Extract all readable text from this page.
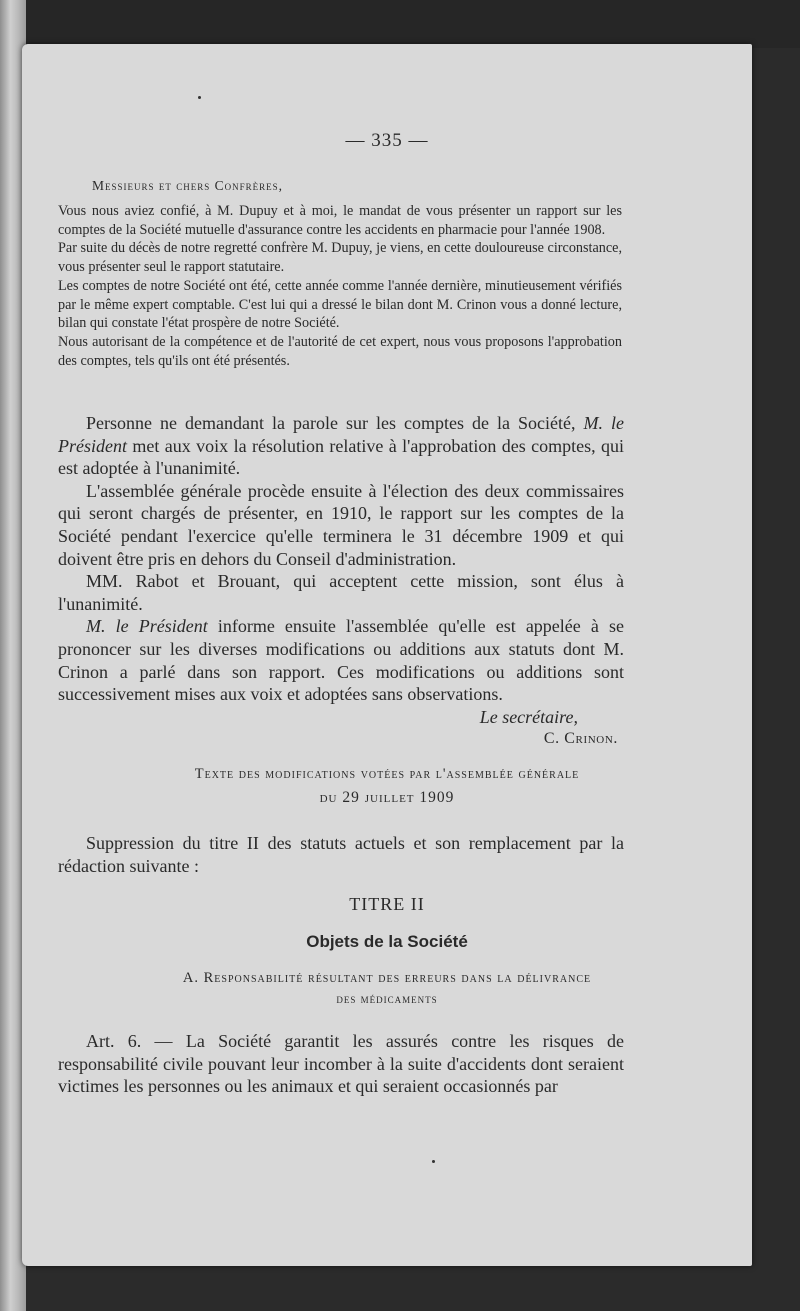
— 335 —
Messieurs et chers Confrères,

Vous nous aviez confié, à M. Dupuy et à moi, le mandat de vous présenter un rapport sur les comptes de la Société mutuelle d'assurance contre les accidents en pharmacie pour l'année 1908.

Par suite du décès de notre regretté confrère M. Dupuy, je viens, en cette douloureuse circonstance, vous présenter seul le rapport statutaire.

Les comptes de notre Société ont été, cette année comme l'année dernière, minutieusement vérifiés par le même expert comptable. C'est lui qui a dressé le bilan dont M. Crinon vous a donné lecture, bilan qui constate l'état prospère de notre Société.

Nous autorisant de la compétence et de l'autorité de cet expert, nous vous proposons l'approbation des comptes, tels qu'ils ont été présentés.

Personne ne demandant la parole sur les comptes de la Société, M. le Président met aux voix la résolution relative à l'approbation des comptes, qui est adoptée à l'unanimité.

L'assemblée générale procède ensuite à l'élection des deux commissaires qui seront chargés de présenter, en 1910, le rapport sur les comptes de la Société pendant l'exercice qu'elle terminera le 31 décembre 1909 et qui doivent être pris en dehors du Conseil d'administration.

MM. Rabot et Brouant, qui acceptent cette mission, sont élus à l'unanimité.

M. le Président informe ensuite l'assemblée qu'elle est appelée à se prononcer sur les diverses modifications ou additions aux statuts dont M. Crinon a parlé dans son rapport. Ces modifications ou additions sont successivement mises aux voix et adoptées sans observations.

Le secrétaire,
C. Crinon.
Texte des modifications votées par l'assemblée générale
du 29 juillet 1909

Suppression du titre II des statuts actuels et son remplacement par la rédaction suivante :

TITRE II
Objets de la Société
A. Responsabilité résultant des erreurs dans la délivrance
des médicaments

Art. 6. — La Société garantit les assurés contre les risques de responsabilité civile pouvant leur incomber à la suite d'accidents dont seraient victimes les personnes ou les animaux et qui seraient occasionnés par
